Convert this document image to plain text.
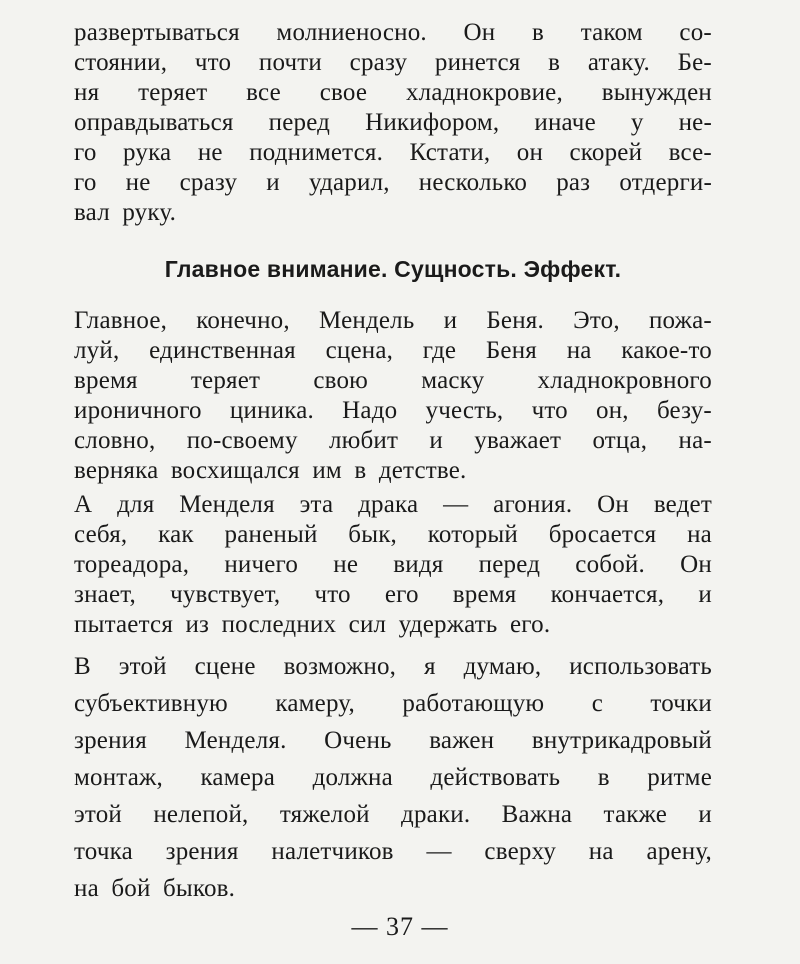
развертываться молниеносно. Он в таком со-
стоянии, что почти сразу ринется в атаку. Бе-
ня теряет все свое хладнокровие, вынужден
оправдываться перед Никифором, иначе у не-
го рука не поднимется. Кстати, он скорей все-
го не сразу и ударил, несколько раз отдерги-
вал руку.
Главное внимание. Сущность. Эффект.
Главное, конечно, Мендель и Беня. Это, пожа-
луй, единственная сцена, где Беня на какое-то
время теряет свою маску хладнокровного
ироничного циника. Надо учесть, что он, безу-
словно, по-своему любит и уважает отца, на-
верняка восхищался им в детстве.
А для Менделя эта драка — агония. Он ведет
себя, как раненый бык, который бросается на
тореадора, ничего не видя перед собой. Он
знает, чувствует, что его время кончается, и
пытается из последних сил удержать его.
В этой сцене возможно, я думаю, использовать
субъективную камеру, работающую с точки
зрения Менделя. Очень важен внутрикадровый
монтаж, камера должна действовать в ритме
этой нелепой, тяжелой драки. Важна также и
точка зрения налетчиков — сверху на арену,
на бой быков.
— 37 —
